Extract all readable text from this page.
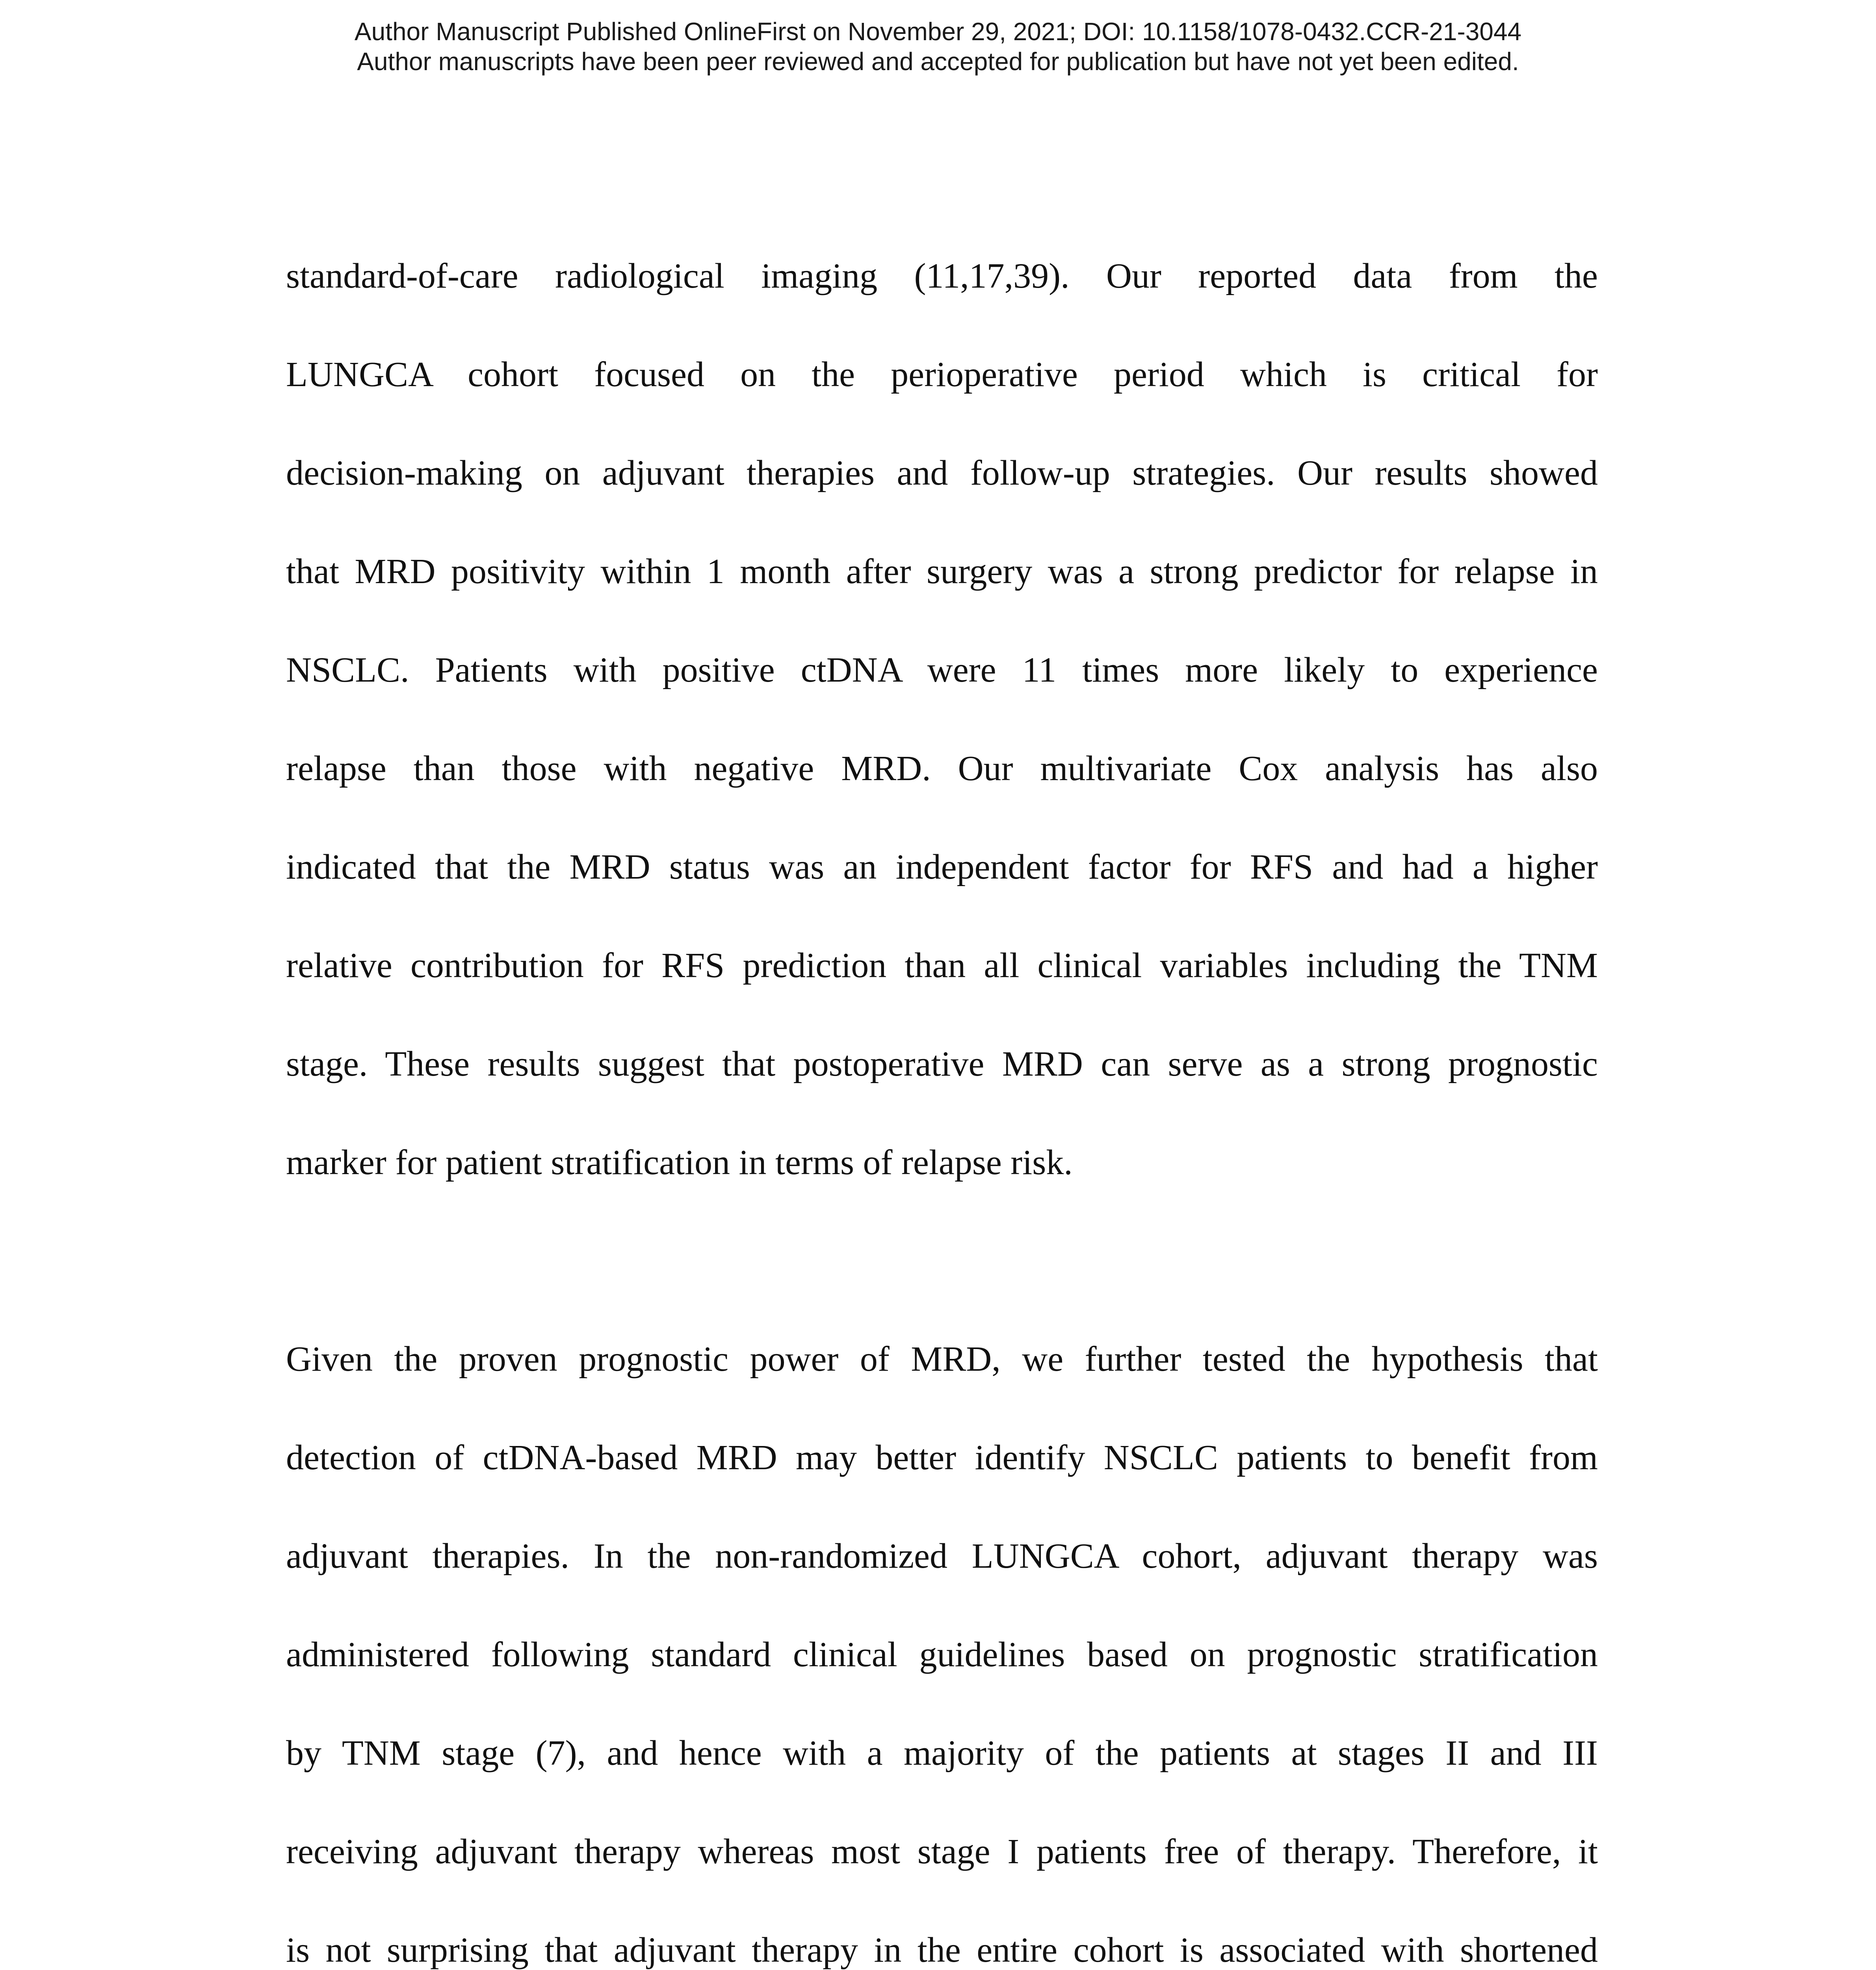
Author Manuscript Published OnlineFirst on November 29, 2021; DOI: 10.1158/1078-0432.CCR-21-3044
Author manuscripts have been peer reviewed and accepted for publication but have not yet been edited.
standard-of-care radiological imaging (11,17,39). Our reported data from the
LUNGCA cohort focused on the perioperative period which is critical for
decision-making on adjuvant therapies and follow-up strategies. Our results showed
that MRD positivity within 1 month after surgery was a strong predictor for relapse in
NSCLC. Patients with positive ctDNA were 11 times more likely to experience
relapse than those with negative MRD. Our multivariate Cox analysis has also
indicated that the MRD status was an independent factor for RFS and had a higher
relative contribution for RFS prediction than all clinical variables including the TNM
stage. These results suggest that postoperative MRD can serve as a strong prognostic
marker for patient stratification in terms of relapse risk.
Given the proven prognostic power of MRD, we further tested the hypothesis that
detection of ctDNA-based MRD may better identify NSCLC patients to benefit from
adjuvant therapies. In the non-randomized LUNGCA cohort, adjuvant therapy was
administered following standard clinical guidelines based on prognostic stratification
by TNM stage (7), and hence with a majority of the patients at stages II and III
receiving adjuvant therapy whereas most stage I patients free of therapy. Therefore, it
is not surprising that adjuvant therapy in the entire cohort is associated with shortened
